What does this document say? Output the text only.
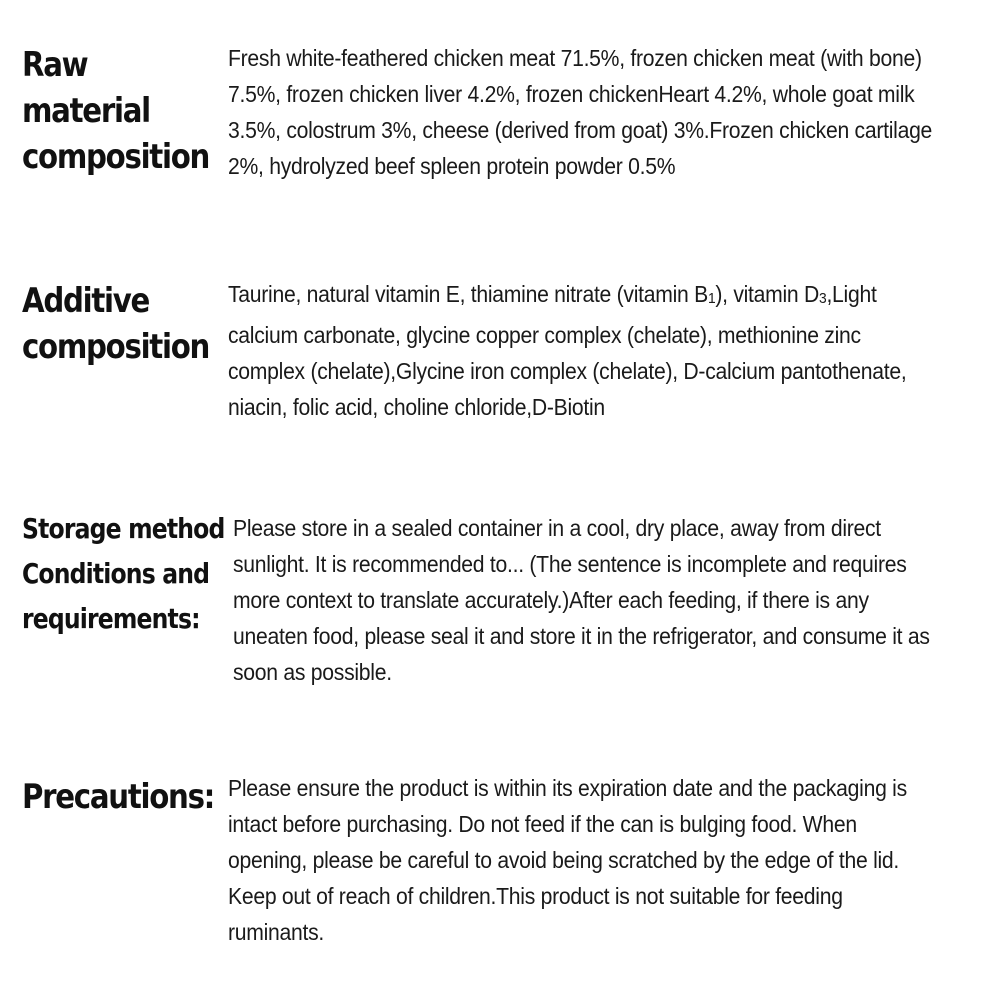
Raw
material
composition
Fresh white-feathered chicken meat 71.5%, frozen chicken meat (with bone)
7.5%, frozen chicken liver 4.2%, frozen chickenHeart 4.2%, whole goat milk
3.5%, colostrum 3%, cheese (derived from goat) 3%.Frozen chicken cartilage
2%, hydrolyzed beef spleen protein powder 0.5%
Additive
composition
Taurine, natural vitamin E, thiamine nitrate (vitamin B1), vitamin D3,Light
calcium carbonate, glycine copper complex (chelate), methionine zinc
complex (chelate),Glycine iron complex (chelate), D-calcium pantothenate,
niacin, folic acid, choline chloride,D-Biotin
Storage method
Conditions and
requirements:
Please store in a sealed container in a cool, dry place, away from direct
sunlight. It is recommended to... (The sentence is incomplete and requires
more context to translate accurately.)After each feeding, if there is any
uneaten food, please seal it and store it in the refrigerator, and consume it as
soon as possible.
Precautions: Please ensure the product is within its expiration date and the packaging is
intact before purchasing. Do not feed if the can is bulging food. When
opening, please be careful to avoid being scratched by the edge of the lid.
Keep out of reach of children.This product is not suitable for feeding
ruminants.
